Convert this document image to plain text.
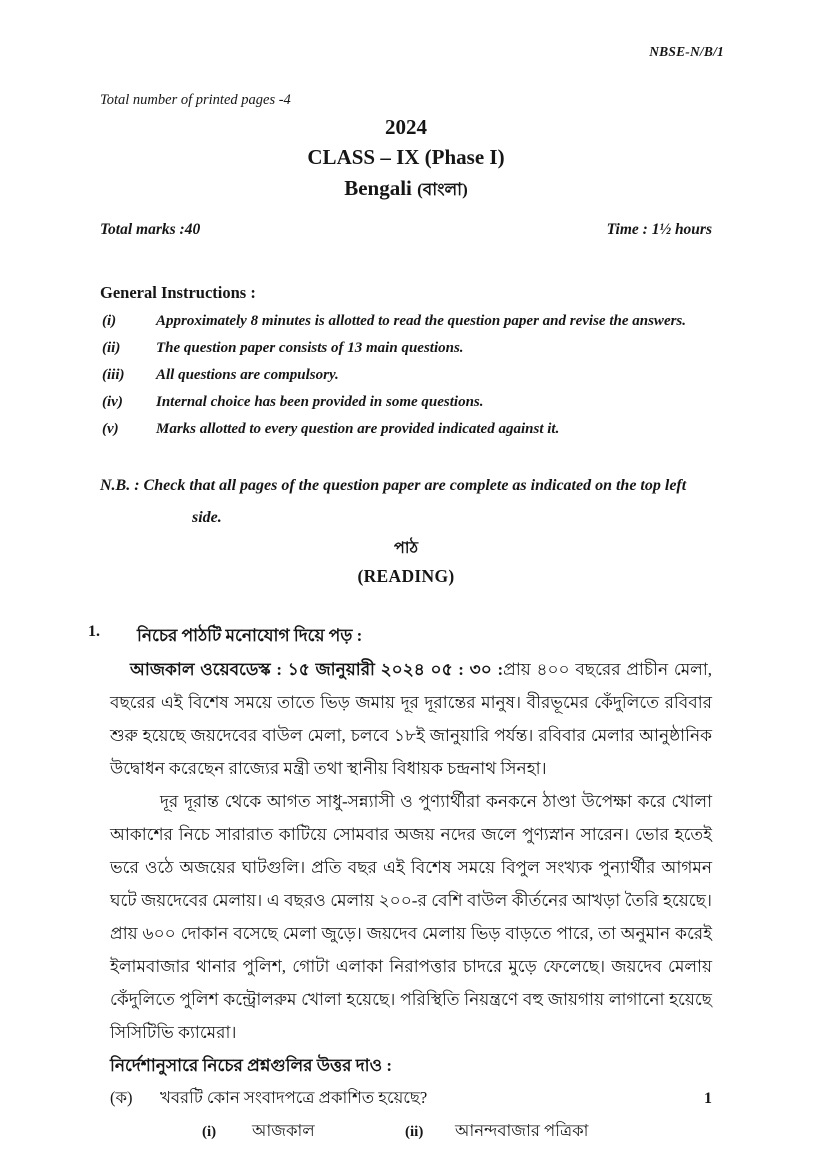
NBSE-N/B/1
Total number of printed pages -4
2024
CLASS – IX (Phase I)
Bengali (বাংলা)
Total marks :40	Time : 1½ hours
General Instructions :
(i)	Approximately 8 minutes is allotted to read the question paper and revise the answers.
(ii)	The question paper consists of 13 main questions.
(iii)	All questions are compulsory.
(iv)	Internal choice has been provided in some questions.
(v)	Marks allotted to every question are provided indicated against it.
N.B. : Check that all pages of the question paper are complete as indicated on the top left side.
পাঠ
(READING)
1.	নিচের পাঠটি মনোযোগ দিয়ে পড় :

আজকাল ওয়েবডেস্ক : ১৫ জানুয়ারী ২০২৪ ০৫ : ৩০ :প্রায় ৪০০ বছরের প্রাচীন মেলা, বছরের এই বিশেষ সময়ে তাতে ভিড় জমায় দূর দূরান্তের মানুষ। বীরভূমের কেঁদুলিতে রবিবার শুরু হয়েছে জয়দেবের বাউল মেলা, চলবে ১৮ই জানুয়ারি পর্যন্ত। রবিবার মেলার আনুষ্ঠানিক উদ্বোধন করেছেন রাজ্যের মন্ত্রী তথা স্থানীয় বিধায়ক চন্দ্রনাথ সিনহা।

দূর দূরান্ত থেকে আগত সাধু-সন্ন্যাসী ও পুণ্যার্থীরা কনকনে ঠাণ্ডা উপেক্ষা করে খোলা আকাশের নিচে সারারাত কাটিয়ে সোমবার অজয় নদের জলে পুণ্যস্নান সারেন। ভোর হতেই ভরে ওঠে অজয়ের ঘাটগুলি। প্রতি বছর এই বিশেষ সময়ে বিপুল সংখ্যক পুন্যার্থীর আগমন ঘটে জয়দেবের মেলায়। এ বছরও মেলায় ২০০-র বেশি বাউল কীর্তনের আখড়া তৈরি হয়েছে। প্রায় ৬০০ দোকান বসেছে মেলা জুড়ে। জয়দেব মেলায় ভিড় বাড়তে পারে, তা অনুমান করেই ইলামবাজার থানার পুলিশ, গোটা এলাকা নিরাপত্তার চাদরে মুড়ে ফেলেছে। জয়দেব মেলায় কেঁদুলিতে পুলিশ কন্ট্রোলরুম খোলা হয়েছে। পরিস্থিতি নিয়ন্ত্রণে বহু জায়গায় লাগানো হয়েছে সিসিটিভি ক্যামেরা।

নির্দেশানুসারে নিচের প্রশ্নগুলির উত্তর দাও :
(ক)	খবরটি কোন সংবাদপত্রে প্রকাশিত হয়েছে?	1
(i)	আজকাল	(ii)	আনন্দবাজার পত্রিকা
